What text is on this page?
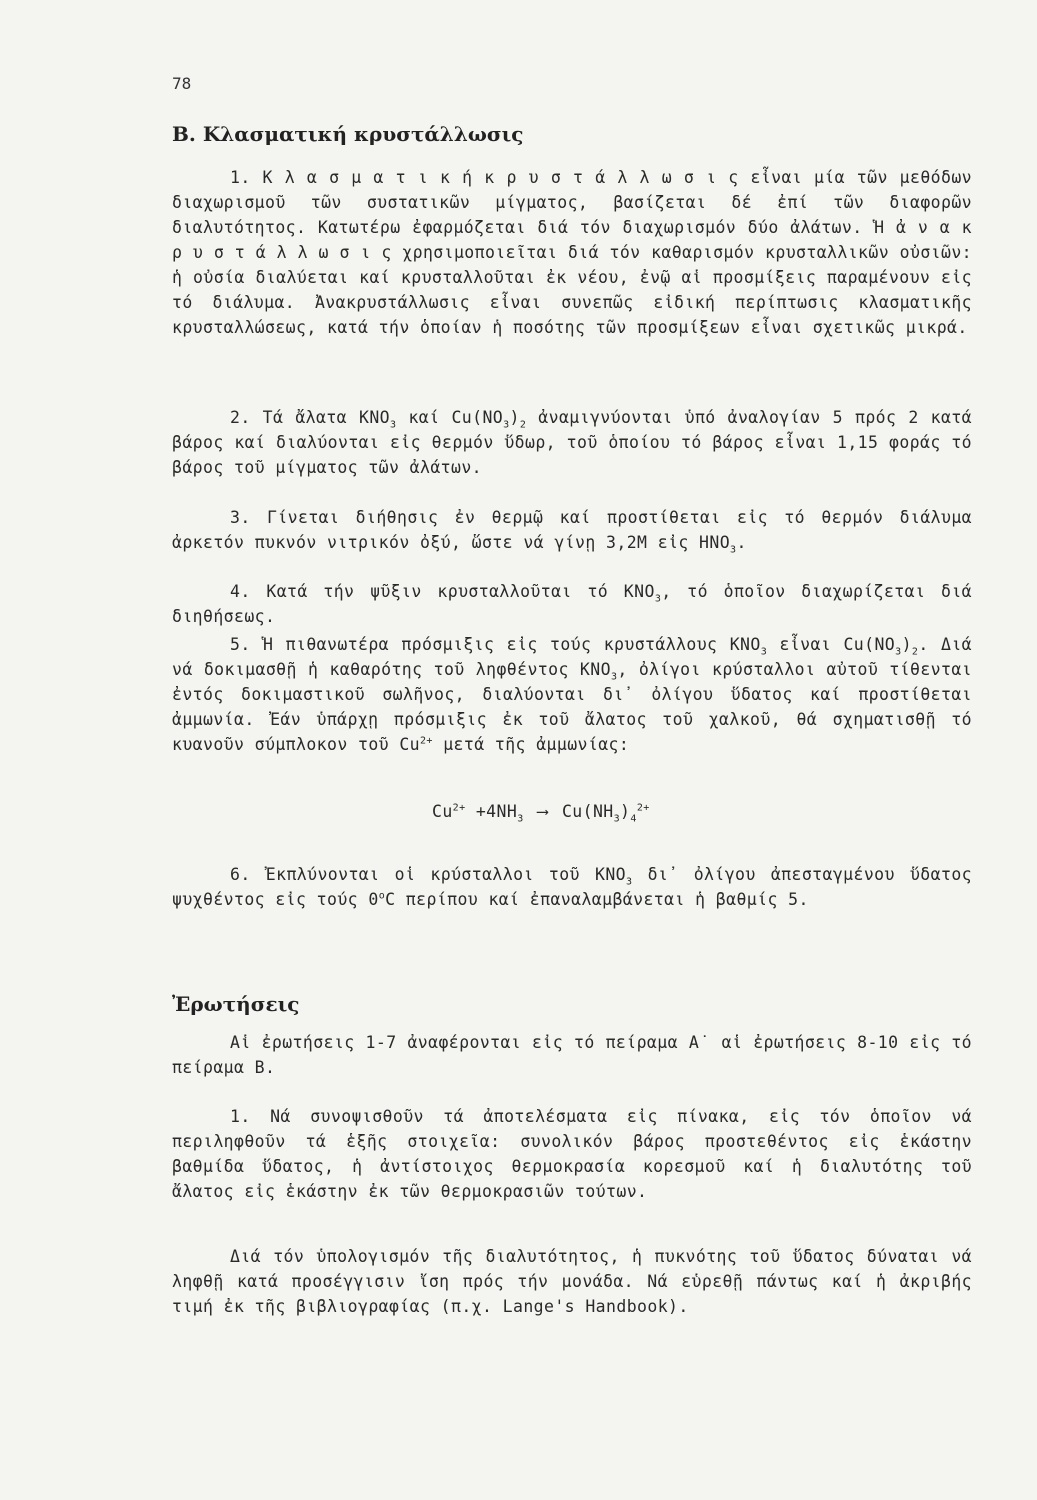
78
B. Κλασματική κρυστάλλωσις

1. Κ λ α σ μ α τ ι κ ή κ ρ υ σ τ ά λ λ ω σ ι ς εἶναι μία τῶν μεθόδων διαχωρισμοῦ τῶν συστατικῶν μίγματος, βασίζεται δέ ἐπί τῶν διαφορῶν διαλυτότητος. Κατωτέρω ἐφαρμόζεται διά τόν διαχωρισμόν δύο ἀλάτων. Ἡ ἀ ν α κ ρ υ σ τ ά λ λ ω σ ι ς χρησιμοποιεῖται διά τόν καθαρισμόν κρυσταλλικῶν οὐσιῶν: ἡ οὐσία διαλύεται καί κρυσταλλοῦται ἐκ νέου, ἐνῷ αἱ προσμίξεις παραμένουν εἰς τό διάλυμα. Ἀνακρυστάλλωσις εἶναι συνεπῶς εἰδική περίπτωσις κλασματικῆς κρυσταλλώσεως, κατά τήν ὁποίαν ἡ ποσότης τῶν προσμίξεων εἶναι σχετικῶς μικρά.

2. Τά ἄλατα $KNO_3$ καί $Cu(NO_3)_2$ ἀναμιγνύονται ὑπό ἀναλογίαν 5 πρός 2 κατά βάρος καί διαλύονται εἰς θερμόν ὕδωρ, τοῦ ὁποίου τό βάρος εἶναι 1,15 φοράς τό βάρος τοῦ μίγματος τῶν ἀλάτων.

3. Γίνεται διήθησις ἐν θερμῷ καί προστίθεται εἰς τό θερμόν διάλυμα ἀρκετόν πυκνόν νιτρικόν ὀξύ, ὥστε νά γίνῃ 3,2M εἰς $HNO_3$.

4. Κατά τήν ψῦξιν κρυσταλλοῦται τό $KNO_3$, τό ὁποῖον διαχωρίζεται διά διηθήσεως.

5. Ἡ πιθανωτέρα πρόσμιξις εἰς τούς κρυστάλλους $KNO_3$ εἶναι $Cu(NO_3)_2$. Διά νά δοκιμασθῇ ἡ καθαρότης τοῦ ληφθέντος $KNO_3$, ὀλίγοι κρύσταλλοι αὐτοῦ τίθενται ἐντός δοκιμαστικοῦ σωλῆνος, διαλύονται δι᾽ ὀλίγου ὕδατος καί προστίθεται ἀμμωνία. Ἐάν ὑπάρχῃ πρόσμιξις ἐκ τοῦ ἄλατος τοῦ χαλκοῦ, θά σχηματισθῇ τό κυανοῦν σύμπλοκον τοῦ $Cu^{2+}$ μετά τῆς ἀμμωνίας:

$Cu^{2+} +4NH_3$ ⟶ $Cu(NH_3)_4^{2+}$

6. Ἐκπλύνονται οἱ κρύσταλλοι τοῦ $KNO_3$ δι᾽ ὀλίγου ἀπεσταγμένου ὕδατος ψυχθέντος εἰς τούς 0$^o$C περίπου καί ἐπαναλαμβάνεται ἡ βαθμίς 5.

Ἐρωτήσεις

Αἱ ἐρωτήσεις 1-7 ἀναφέρονται εἰς τό πείραμα Α˙ αἱ ἐρωτήσεις 8-10 εἰς τό πείραμα Β.

1. Νά συνοψισθοῦν τά ἀποτελέσματα εἰς πίνακα, εἰς τόν ὁποῖον νά περιληφθοῦν τά ἑξῆς στοιχεῖα: συνολικόν βάρος προστεθέντος εἰς ἑκάστην βαθμίδα ὕδατος, ἡ ἀντίστοιχος θερμοκρασία κορεσμοῦ καί ἡ διαλυτότης τοῦ ἄλατος εἰς ἑκάστην ἐκ τῶν θερμοκρασιῶν τούτων.

Διά τόν ὑπολογισμόν τῆς διαλυτότητος, ἡ πυκνότης τοῦ ὕδατος δύναται νά ληφθῇ κατά προσέγγισιν ἴση πρός τήν μονάδα. Νά εὑρεθῇ πάντως καί ἡ ἀκριβής τιμή ἐκ τῆς βιβλιογραφίας (π.χ. Lange's Handbook).
